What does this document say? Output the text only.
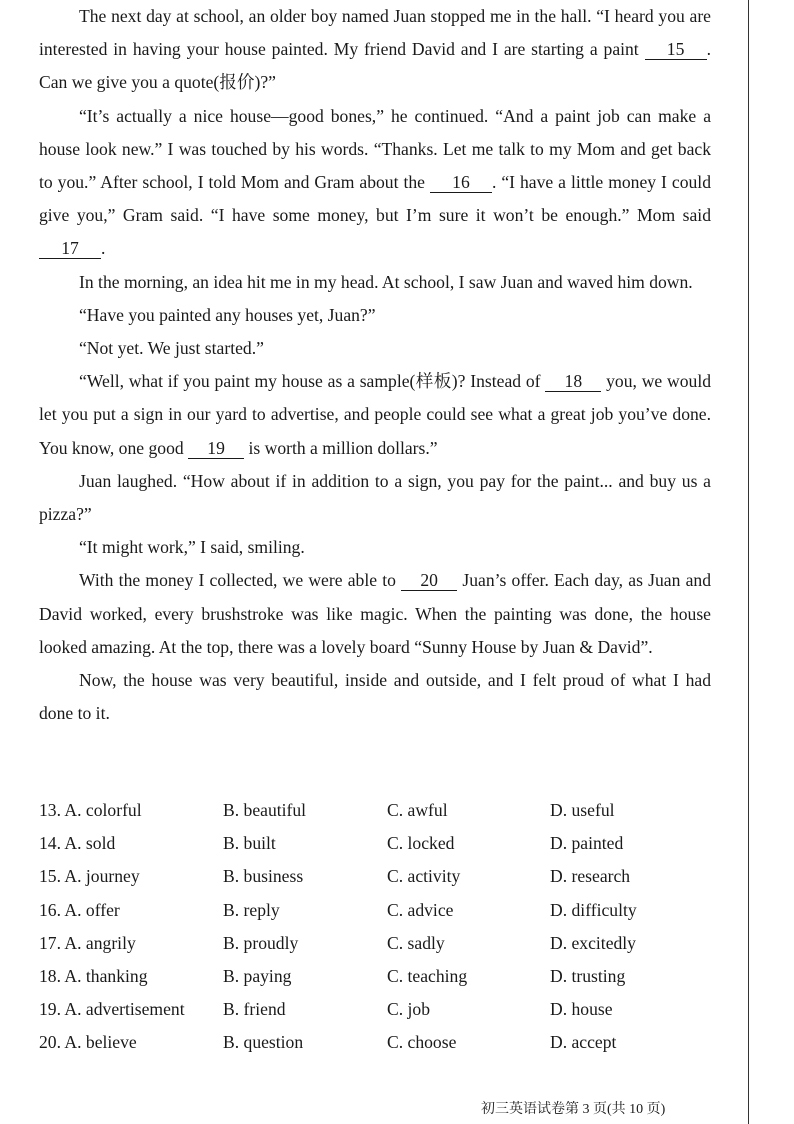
The next day at school, an older boy named Juan stopped me in the hall. “I heard you are interested in having your house painted. My friend David and I are starting a paint 15 . Can we give you a quote(报价)?”

“It’s actually a nice house—good bones,” he continued. “And a paint job can make a house look new.” I was touched by his words. “Thanks. Let me talk to my Mom and get back to you.” After school, I told Mom and Gram about the 16 . “I have a little money I could give you,” Gram said. “I have some money, but I’m sure it won’t be enough.” Mom said 17 .

In the morning, an idea hit me in my head. At school, I saw Juan and waved him down.

“Have you painted any houses yet, Juan?”

“Not yet. We just started.”

“Well, what if you paint my house as a sample(样板)? Instead of 18 you, we would let you put a sign in our yard to advertise, and people could see what a great job you’ve done. You know, one good 19 is worth a million dollars.”

Juan laughed. “How about if in addition to a sign, you pay for the paint... and buy us a pizza?”

“It might work,” I said, smiling.

With the money I collected, we were able to 20 Juan’s offer. Each day, as Juan and David worked, every brushstroke was like magic. When the painting was done, the house looked amazing. At the top, there was a lovely board “Sunny House by Juan & David”.

Now, the house was very beautiful, inside and outside, and I felt proud of what I had done to it.

13. A. colorful	B. beautiful	C. awful	D. useful
14. A. sold	B. built	C. locked	D. painted
15. A. journey	B. business	C. activity	D. research
16. A. offer	B. reply	C. advice	D. difficulty
17. A. angrily	B. proudly	C. sadly	D. excitedly
18. A. thanking	B. paying	C. teaching	D. trusting
19. A. advertisement B. friend	C. job	D. house
20. A. believe	B. question	C. choose	D. accept
初三英语试卷第 3 页(共 10 页)
